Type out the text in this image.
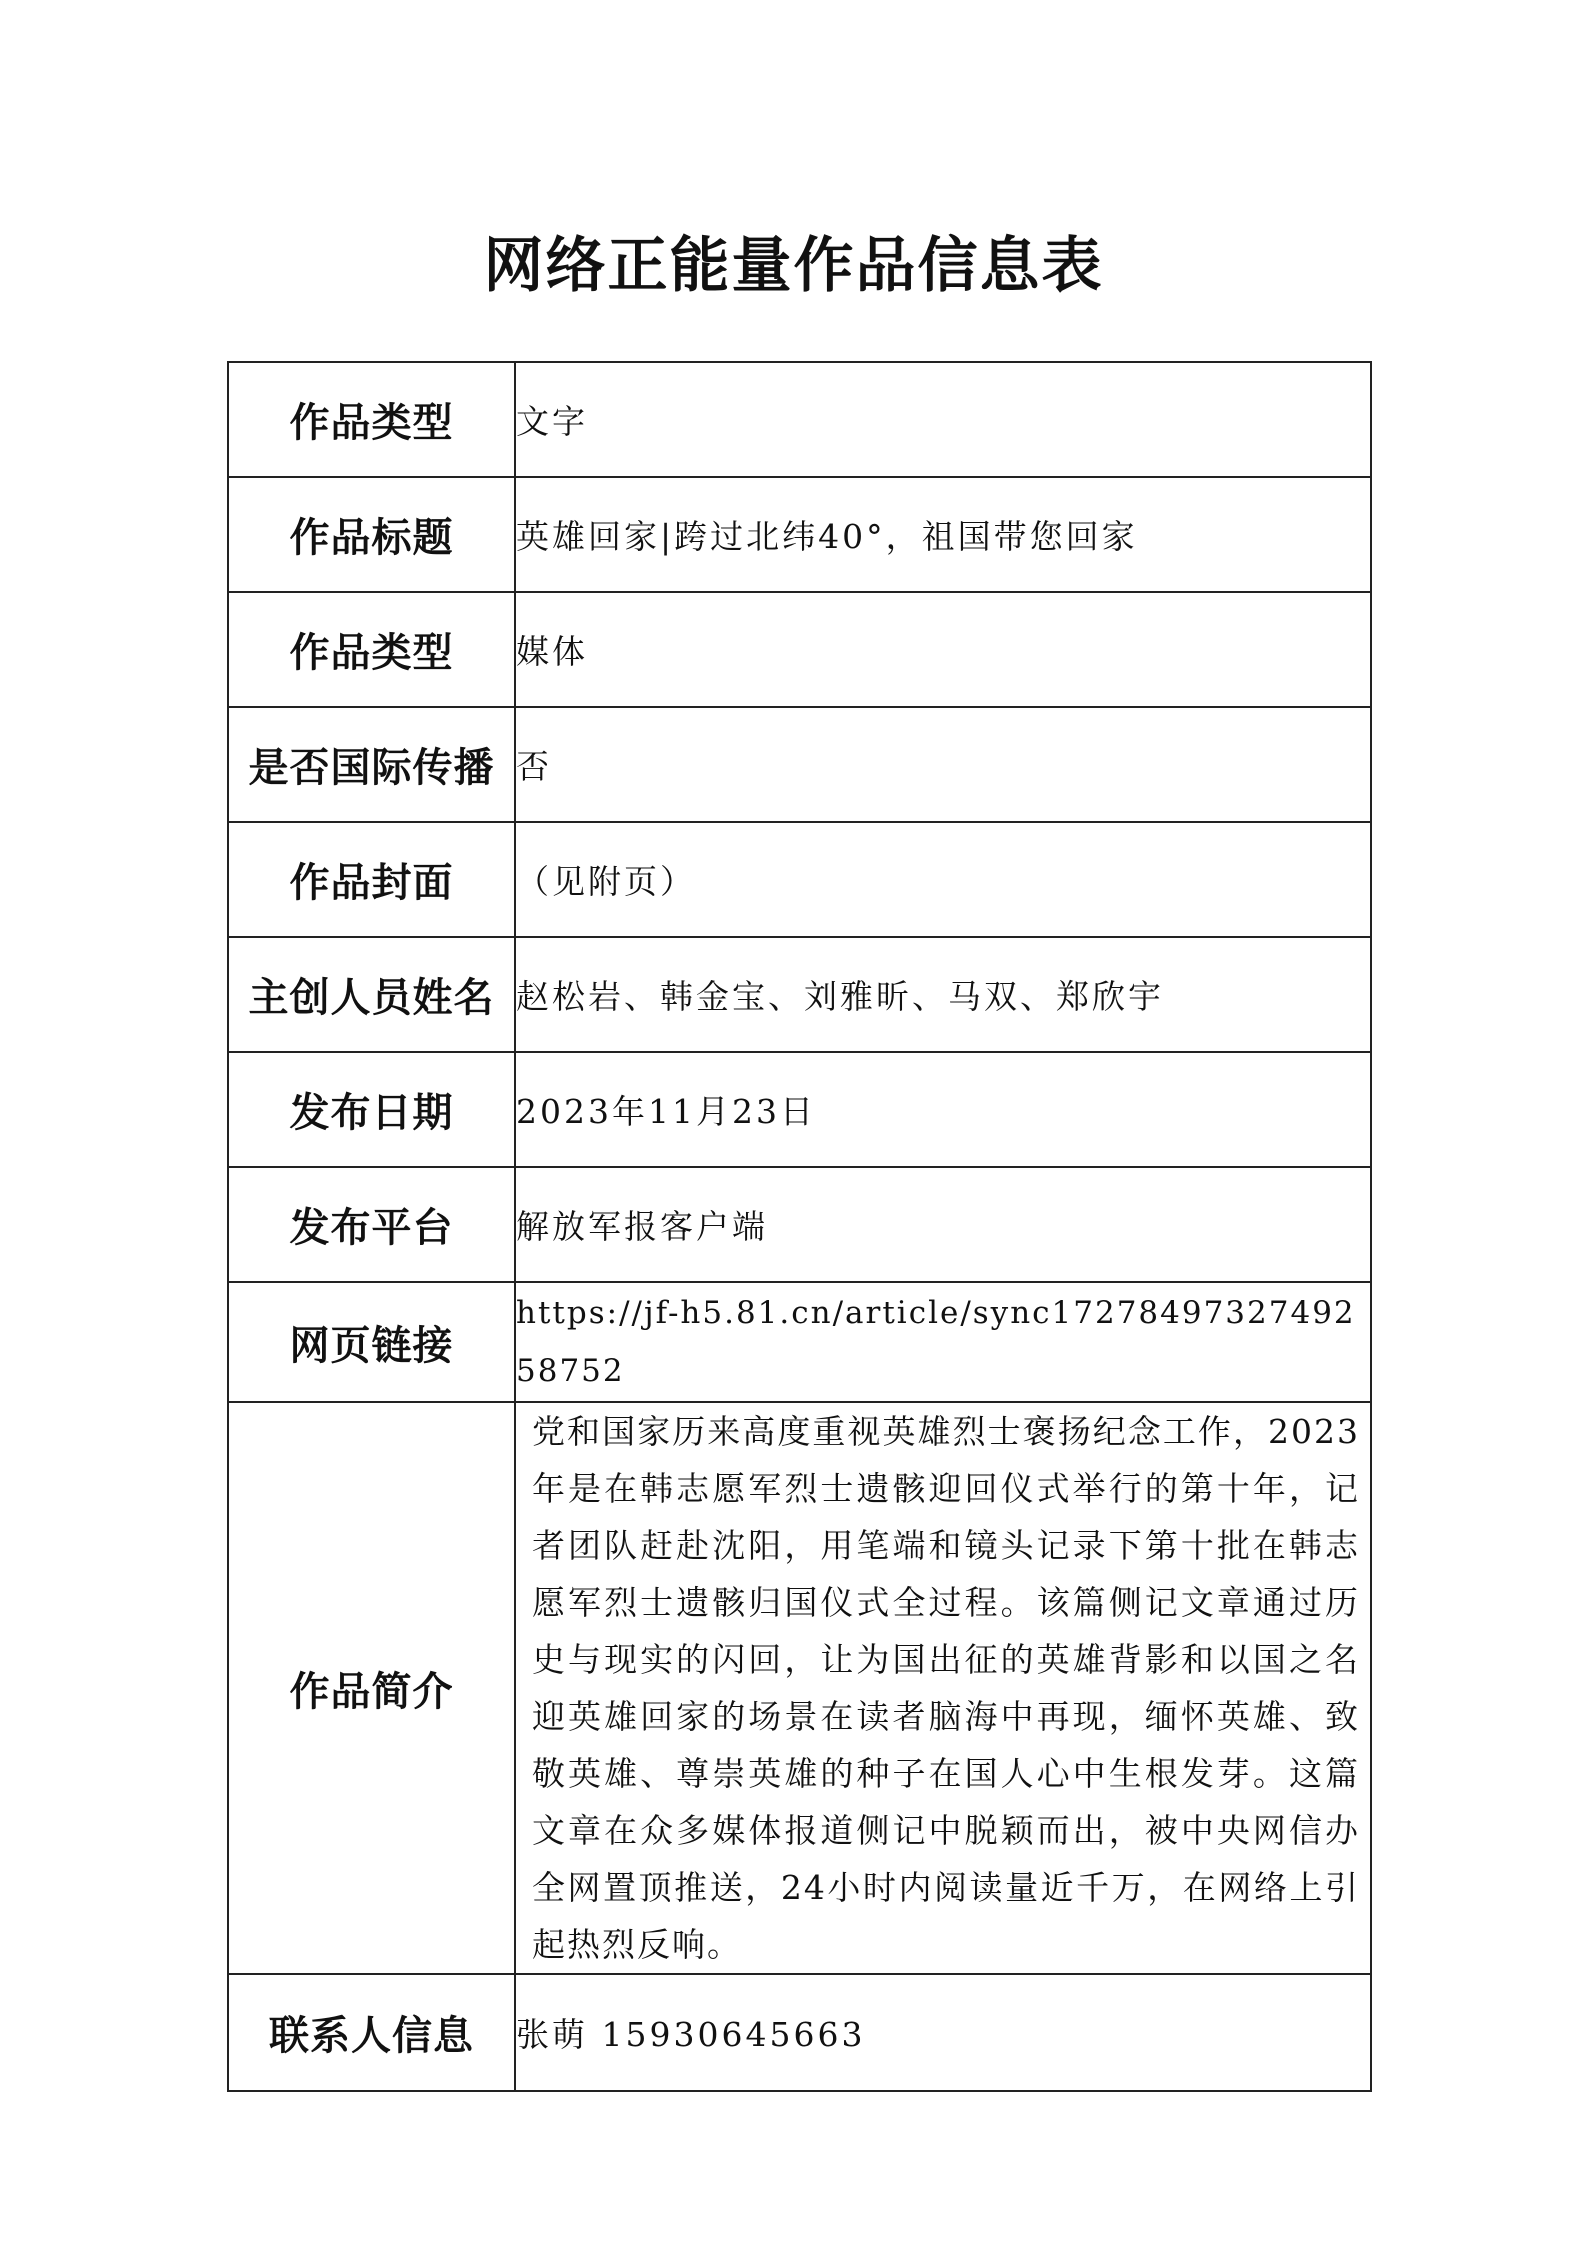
网络正能量作品信息表
作品类型	文字
作品标题	英雄回家|跨过北纬40°，祖国带您回家
作品类型	媒体
是否国际传播	否
作品封面	（见附页）
主创人员姓名	赵松岩、韩金宝、刘雅昕、马双、郑欣宇
发布日期	2023年11月23日
发布平台	解放军报客户端
网页链接	https://jf-h5.81.cn/article/sync1727849732749258752
作品简介	党和国家历来高度重视英雄烈士褒扬纪念工作，2023年是在韩志愿军烈士遗骸迎回仪式举行的第十年，记者团队赶赴沈阳，用笔端和镜头记录下第十批在韩志愿军烈士遗骸归国仪式全过程。该篇侧记文章通过历史与现实的闪回，让为国出征的英雄背影和以国之名迎英雄回家的场景在读者脑海中再现，缅怀英雄、致敬英雄、尊崇英雄的种子在国人心中生根发芽。这篇文章在众多媒体报道侧记中脱颖而出，被中央网信办全网置顶推送，24小时内阅读量近千万，在网络上引起热烈反响。
联系人信息	张萌 15930645663
